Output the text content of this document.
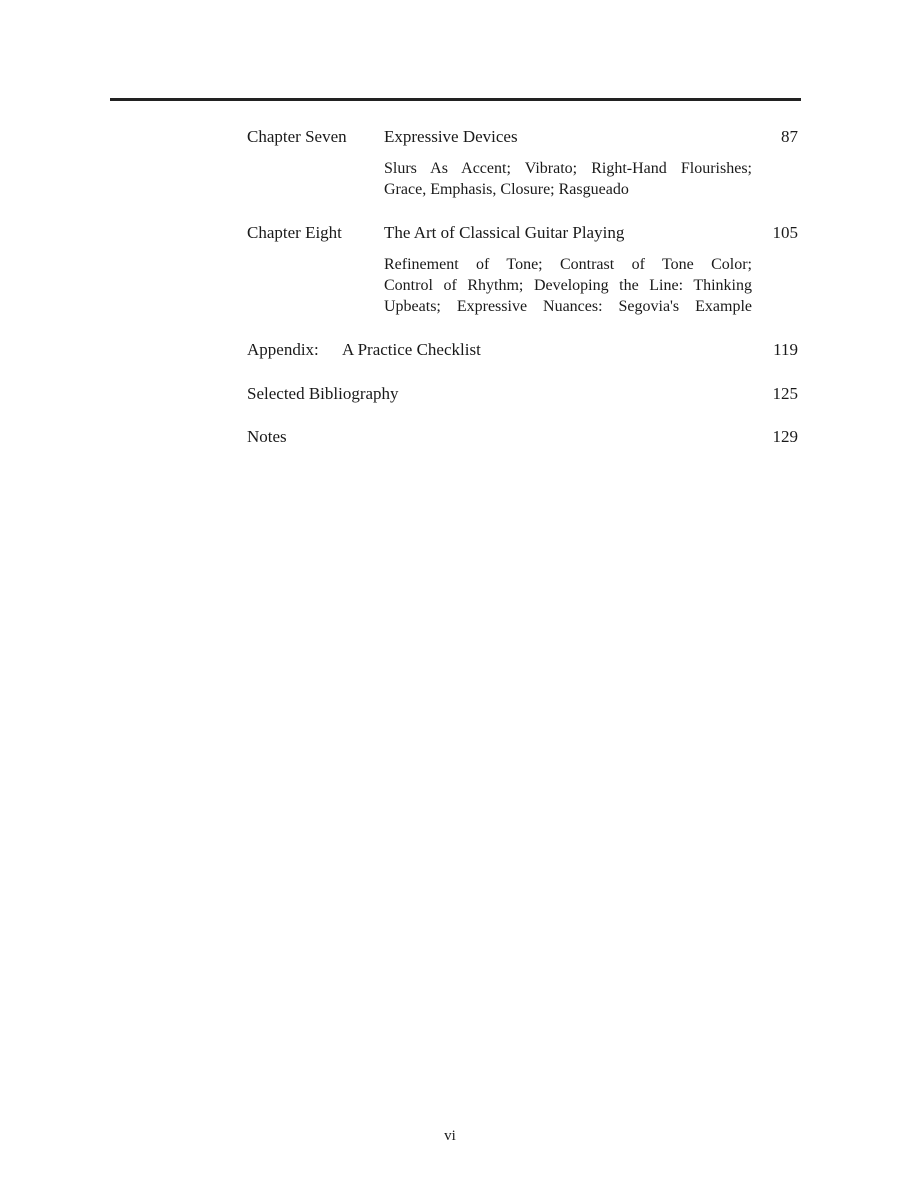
Chapter Seven Expressive Devices	87
Slurs As Accent; Vibrato; Right-Hand Flourishes;
Grace, Emphasis, Closure; Rasgueado
Chapter Eight The Art of Classical Guitar Playing	105
Refinement of Tone; Contrast of Tone Color;
Control of Rhythm; Developing the Line: Thinking
Upbeats; Expressive Nuances: Segovia's Example
Appendix: A Practice Checklist	119
Selected Bibliography	125
Notes	129
vi
